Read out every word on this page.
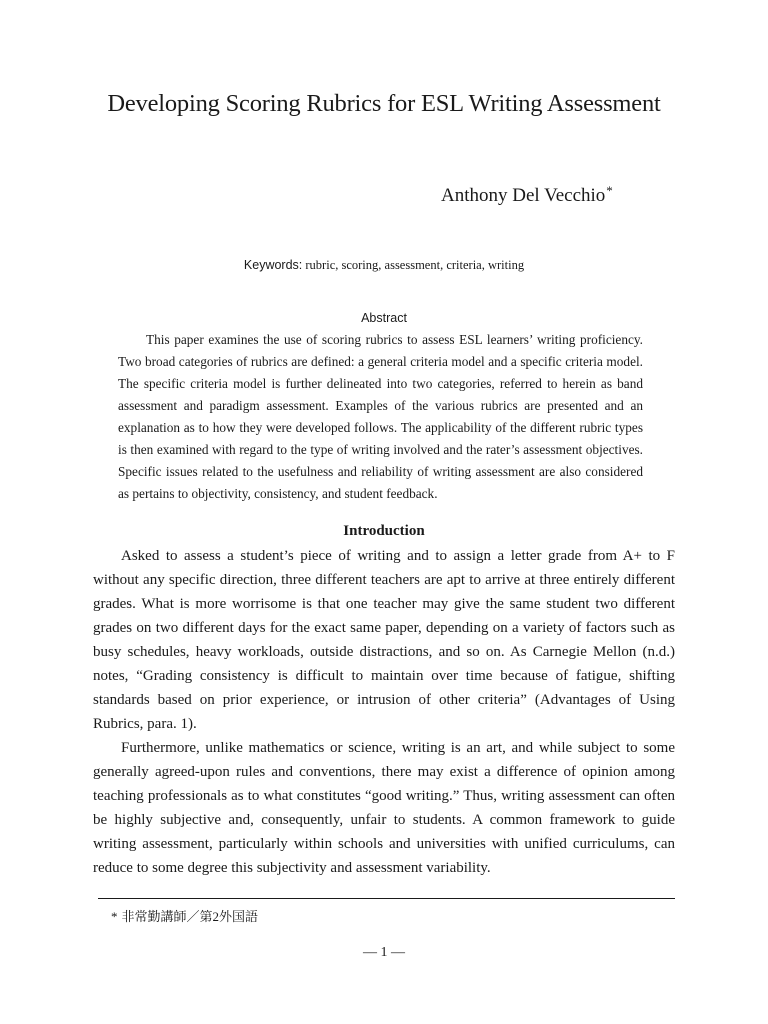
Developing Scoring Rubrics for ESL Writing Assessment
Anthony Del Vecchio*
Keywords: rubric, scoring, assessment, criteria, writing
Abstract

This paper examines the use of scoring rubrics to assess ESL learners’ writing proficiency. Two broad categories of rubrics are defined: a general criteria model and a specific criteria model. The specific criteria model is further delineated into two categories, referred to herein as band assessment and paradigm assessment. Examples of the various rubrics are presented and an explanation as to how they were developed follows. The applicability of the different rubric types is then examined with regard to the type of writing involved and the rater’s assessment objectives. Specific issues related to the usefulness and reliability of writing assessment are also considered as pertains to objectivity, consistency, and student feedback.

Introduction

Asked to assess a student’s piece of writing and to assign a letter grade from A+ to F without any specific direction, three different teachers are apt to arrive at three entirely different grades. What is more worrisome is that one teacher may give the same student two different grades on two different days for the exact same paper, depending on a variety of factors such as busy schedules, heavy workloads, outside distractions, and so on. As Carnegie Mellon (n.d.) notes, “Grading consistency is difficult to maintain over time because of fatigue, shifting standards based on prior experience, or intrusion of other criteria” (Advantages of Using Rubrics, para. 1).

Furthermore, unlike mathematics or science, writing is an art, and while subject to some generally agreed-upon rules and conventions, there may exist a difference of opinion among teaching professionals as to what constitutes “good writing.” Thus, writing assessment can often be highly subjective and, consequently, unfair to students. A common framework to guide writing assessment, particularly within schools and universities with unified curriculums, can reduce to some degree this subjectivity and assessment variability.

* 非常勤講師／第2外国語
— 1 —
